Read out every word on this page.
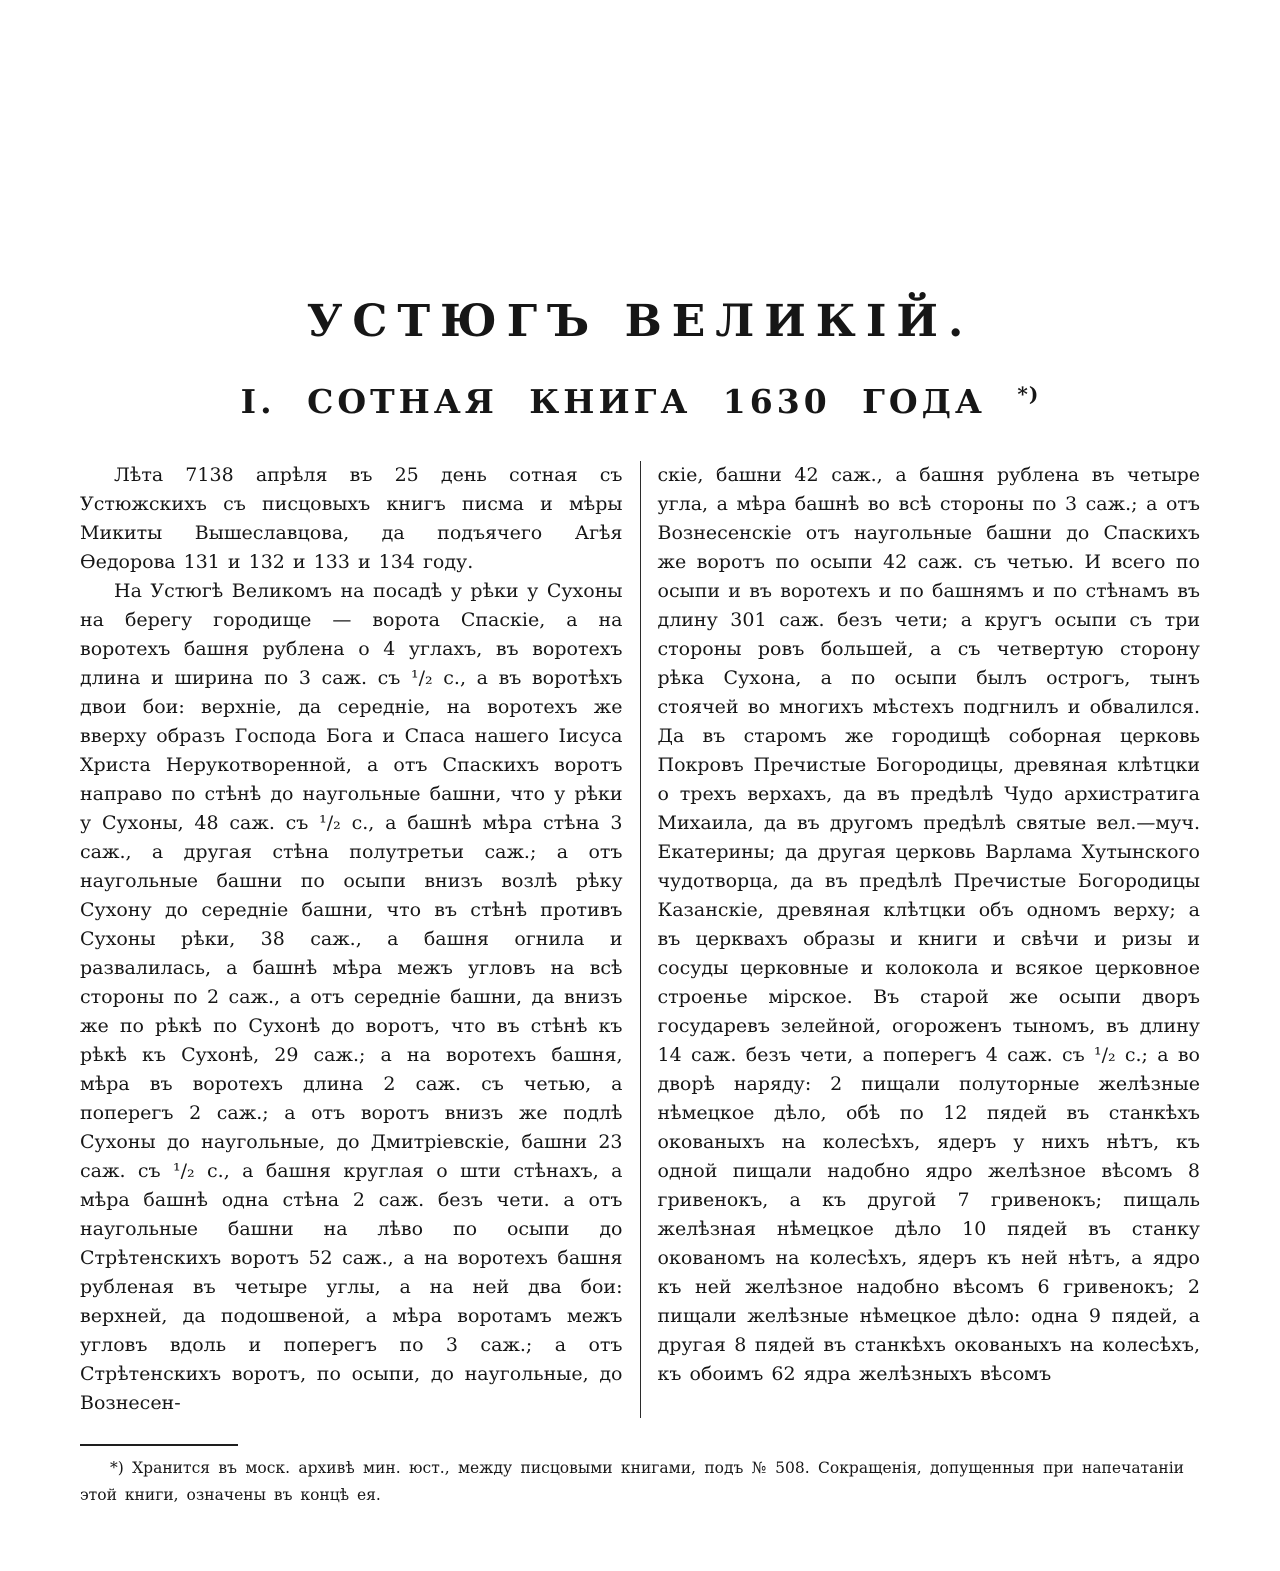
УСТЮГЪ ВЕЛИКІЙ.
I. СОТНАЯ КНИГА 1630 ГОДА *)

Лѣта 7138 апрѣля въ 25 день сотная съ Устюжскихъ съ писцовыхъ книгъ писма и мѣры Микиты Вышеславцова, да подъячего Агѣя Ѳедорова 131 и 132 и 133 и 134 году.

На Устюгѣ Великомъ на посадѣ у рѣки у Сухоны на берегу городище — ворота Спаскіе, а на воротехъ башня рублена о 4 углахъ, въ воротехъ длина и ширина по 3 саж. съ ¹/₂ с., а въ воротѣхъ двои бои: верхніе, да середніе, на воротехъ же вверху образъ Господа Бога и Спаса нашего Іисуса Христа Нерукотворенной, а отъ Спаскихъ воротъ направо по стѣнѣ до наугольные башни, что у рѣки у Сухоны, 48 саж. съ ¹/₂ с., а башнѣ мѣра стѣна 3 саж., а другая стѣна полутретьи саж.; а отъ наугольные башни по осыпи внизъ возлѣ рѣку Сухону до середніе башни, что въ стѣнѣ противъ Сухоны рѣки, 38 саж., а башня огнила и развалилась, а башнѣ мѣра межъ угловъ на всѣ стороны по 2 саж., а отъ середніе башни, да внизъ же по рѣкѣ по Сухонѣ до воротъ, что въ стѣнѣ къ рѣкѣ къ Сухонѣ, 29 саж.; а на воротехъ башня, мѣра въ воротехъ длина 2 саж. съ четью, а поперегъ 2 саж.; а отъ воротъ внизъ же подлѣ Сухоны до наугольные, до Дмитріевскіе, башни 23 саж. съ ¹/₂ с., а башня круглая о шти стѣнахъ, а мѣра башнѣ одна стѣна 2 саж. безъ чети. а отъ наугольные башни на лѣво по осыпи до Стрѣтенскихъ воротъ 52 саж., а на воротехъ башня рубленая въ четыре углы, а на ней два бои: верхней, да подошвеной, а мѣра воротамъ межъ угловъ вдоль и поперегъ по 3 саж.; а отъ Стрѣтенскихъ воротъ, по осыпи, до наугольные, до Вознесен-

скіе, башни 42 саж., а башня рублена въ четыре угла, а мѣра башнѣ во всѣ стороны по 3 саж.; а отъ Вознесенскіе отъ наугольные башни до Спаскихъ же воротъ по осыпи 42 саж. съ четью. И всего по осыпи и въ воротехъ и по башнямъ и по стѣнамъ въ длину 301 саж. безъ чети; а кругъ осыпи съ три стороны ровъ большей, а съ четвертую сторону рѣка Сухона, а по осыпи былъ острогъ, тынъ стоячей во многихъ мѣстехъ подгнилъ и обвалился. Да въ старомъ же городищѣ соборная церковь Покровъ Пречистые Богородицы, древяная клѣтцки о трехъ верхахъ, да въ предѣлѣ Чудо архистратига Михаила, да въ другомъ предѣлѣ святые вел.—муч. Екатерины; да другая церковь Варлама Хутынского чудотворца, да въ предѣлѣ Пречистые Богородицы Казанскіе, древяная клѣтцки объ одномъ верху; а въ церквахъ образы и книги и свѣчи и ризы и сосуды церковные и колокола и всякое церковное строенье мірское. Въ старой же осыпи дворъ государевъ зелейной, огороженъ тыномъ, въ длину 14 саж. безъ чети, а поперегъ 4 саж. съ ¹/₂ с.; а во дворѣ наряду: 2 пищали полуторные желѣзные нѣмецкое дѣло, обѣ по 12 пядей въ станкѣхъ окованыхъ на колесѣхъ, ядеръ у нихъ нѣтъ, къ одной пищали надобно ядро желѣзное вѣсомъ 8 гривенокъ, а къ другой 7 гривенокъ; пищаль желѣзная нѣмецкое дѣло 10 пядей въ станку окованомъ на колесѣхъ, ядеръ къ ней нѣтъ, а ядро къ ней желѣзное надобно вѣсомъ 6 гривенокъ; 2 пищали желѣзные нѣмецкое дѣло: одна 9 пядей, а другая 8 пядей въ станкѣхъ окованыхъ на колесѣхъ, къ обоимъ 62 ядра желѣзныхъ вѣсомъ

*) Хранится въ моск. архивѣ мин. юст., между писцовыми книгами, подъ № 508. Сокращенія, допущенныя при напечатаніи этой книги, означены въ концѣ ея.
